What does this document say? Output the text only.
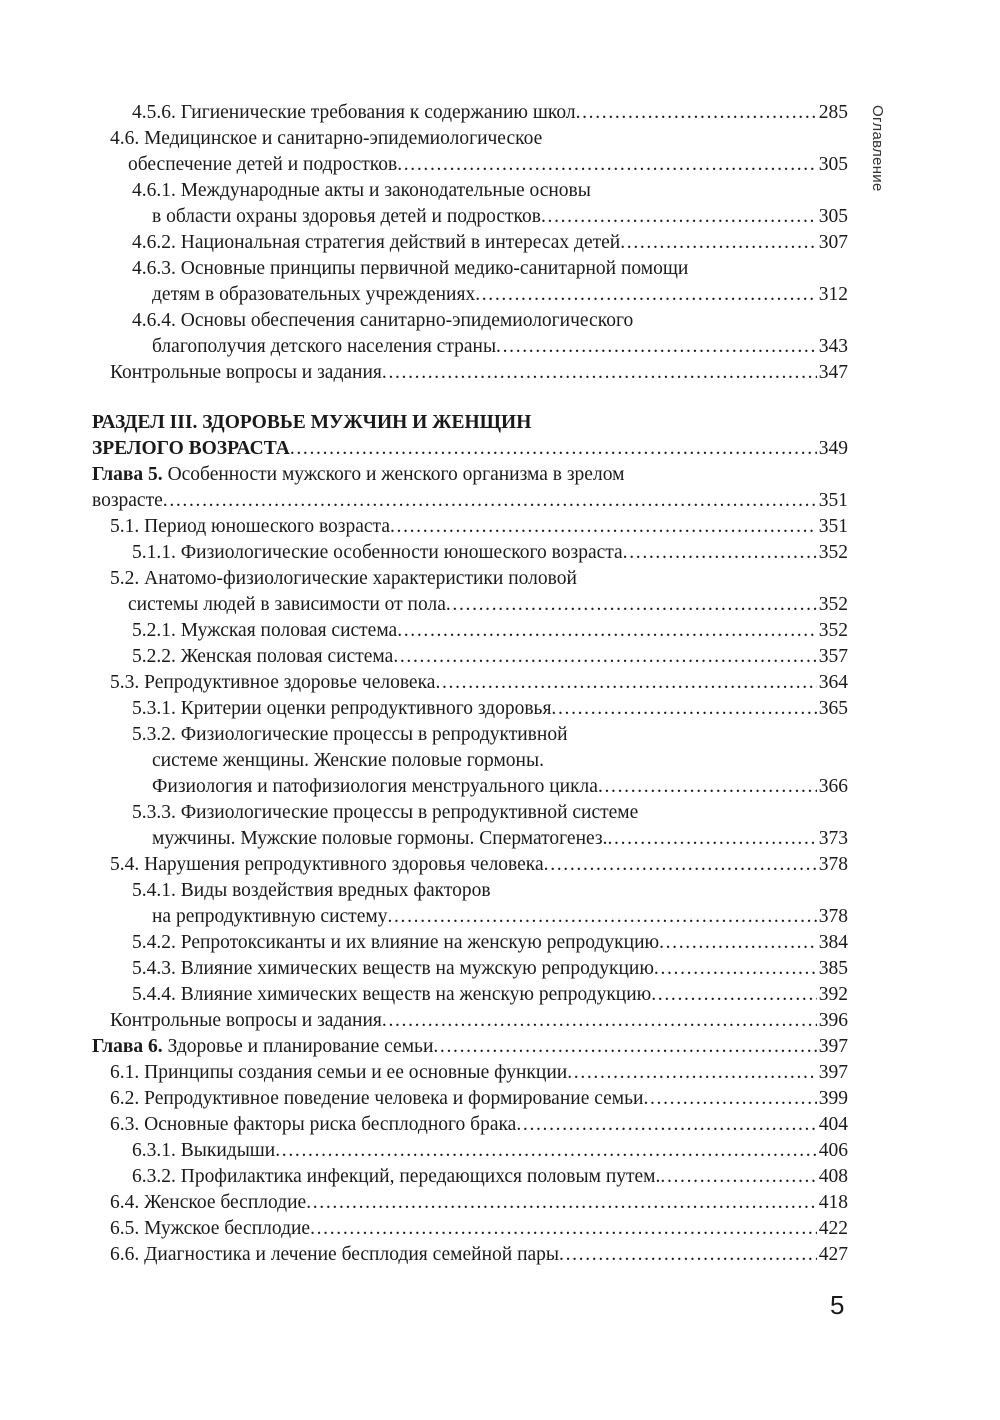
Оглавление
4.5.6. Гигиенические требования к содержанию школ . . .	285
4.6. Медицинское и санитарно-эпидемиологическое
обеспечение детей и подростков . . .	305
4.6.1. Международные акты и законодательные основы
в области охраны здоровья детей и подростков . . .	305
4.6.2. Национальная стратегия действий в интересах детей . . .	307
4.6.3. Основные принципы первичной медико-санитарной помощи
детям в образовательных учреждениях . . .	312
4.6.4. Основы обеспечения санитарно-эпидемиологического
благополучия детского населения страны . . .	343
Контрольные вопросы и задания . . .	347
РАЗДЕЛ III. ЗДОРОВЬЕ МУЖЧИН И ЖЕНЩИН
ЗРЕЛОГО ВОЗРАСТА . . .	349
Глава 5. Особенности мужского и женского организма в зрелом
возрасте . . .	351
5.1. Период юношеского возраста . . .	351
5.1.1. Физиологические особенности юношеского возраста . . .	352
5.2. Анатомо-физиологические характеристики половой
системы людей в зависимости от пола . . .	352
5.2.1. Мужская половая система . . .	352
5.2.2. Женская половая система . . .	357
5.3. Репродуктивное здоровье человека . . .	364
5.3.1. Критерии оценки репродуктивного здоровья . . .	365
5.3.2. Физиологические процессы в репродуктивной
системе женщины. Женские половые гормоны.
Физиология и патофизиология менструального цикла . . .	366
5.3.3. Физиологические процессы в репродуктивной системе
мужчины. Мужские половые гормоны. Сперматогенез. . . .	373
5.4. Нарушения репродуктивного здоровья человека . . .	378
5.4.1. Виды воздействия вредных факторов
на репродуктивную систему . . .	378
5.4.2. Репротоксиканты и их влияние на женскую репродукцию . . .	384
5.4.3. Влияние химических веществ на мужскую репродукцию . . .	385
5.4.4. Влияние химических веществ на женскую репродукцию . . .	392
Контрольные вопросы и задания . . .	396
Глава 6. Здоровье и планирование семьи . . .	397
6.1. Принципы создания семьи и ее основные функции . . .	397
6.2. Репродуктивное поведение человека и формирование семьи . . .	399
6.3. Основные факторы риска бесплодного брака . . .	404
6.3.1. Выкидыши . . .	406
6.3.2. Профилактика инфекций, передающихся половым путем. . . .	408
6.4. Женское бесплодие . . .	418
6.5. Мужское бесплодие . . .	422
6.6. Диагностика и лечение бесплодия семейной пары . . .	427
5
